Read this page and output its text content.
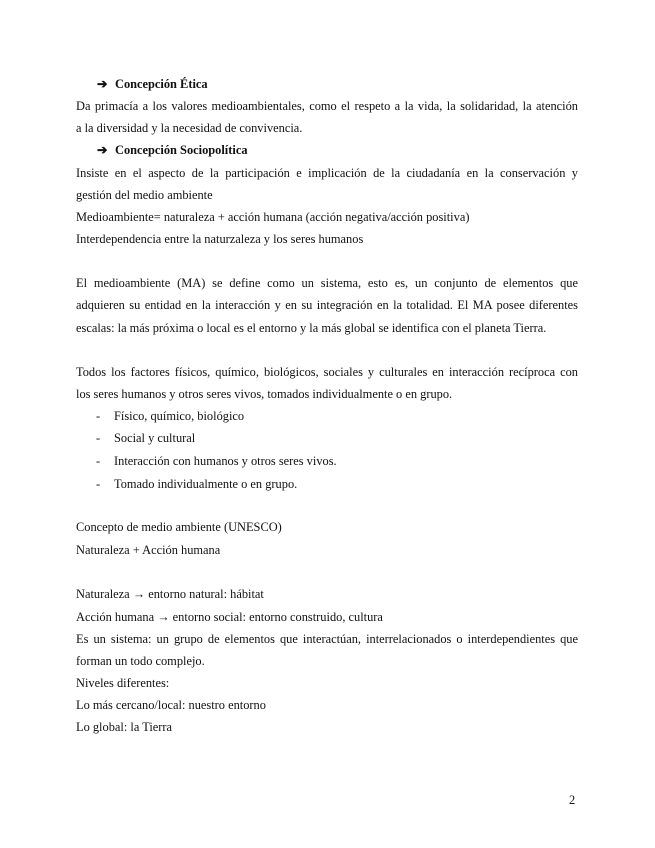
➔ Concepción Ética
Da primacía a los valores medioambientales, como el respeto a la vida, la solidaridad, la atención
a la diversidad y la necesidad de convivencia.
➔ Concepción Sociopolítica
Insiste en el aspecto de la participación e implicación de la ciudadanía en la conservación y
gestión del medio ambiente
Medioambiente= naturaleza + acción humana (acción negativa/acción positiva)
Interdependencia entre la naturzaleza y los seres humanos
El medioambiente (MA) se define como un sistema, esto es, un conjunto de elementos que
adquieren su entidad en la interacción y en su integración en la totalidad. El MA posee diferentes
escalas: la más próxima o local es el entorno y la más global se identifica con el planeta Tierra.
Todos los factores físicos, químico, biológicos, sociales y culturales en interacción recíproca con
los seres humanos y otros seres vivos, tomados individualmente o en grupo.
- Físico, químico, biológico
- Social y cultural
- Interacción con humanos y otros seres vivos.
- Tomado individualmente o en grupo.
Concepto de medio ambiente (UNESCO)
Naturaleza + Acción humana
Naturaleza → entorno natural: hábitat
Acción humana → entorno social: entorno construido, cultura
Es un sistema: un grupo de elementos que interactúan, interrelacionados o interdependientes que
forman un todo complejo.
Niveles diferentes:
Lo más cercano/local: nuestro entorno
Lo global: la Tierra
2
